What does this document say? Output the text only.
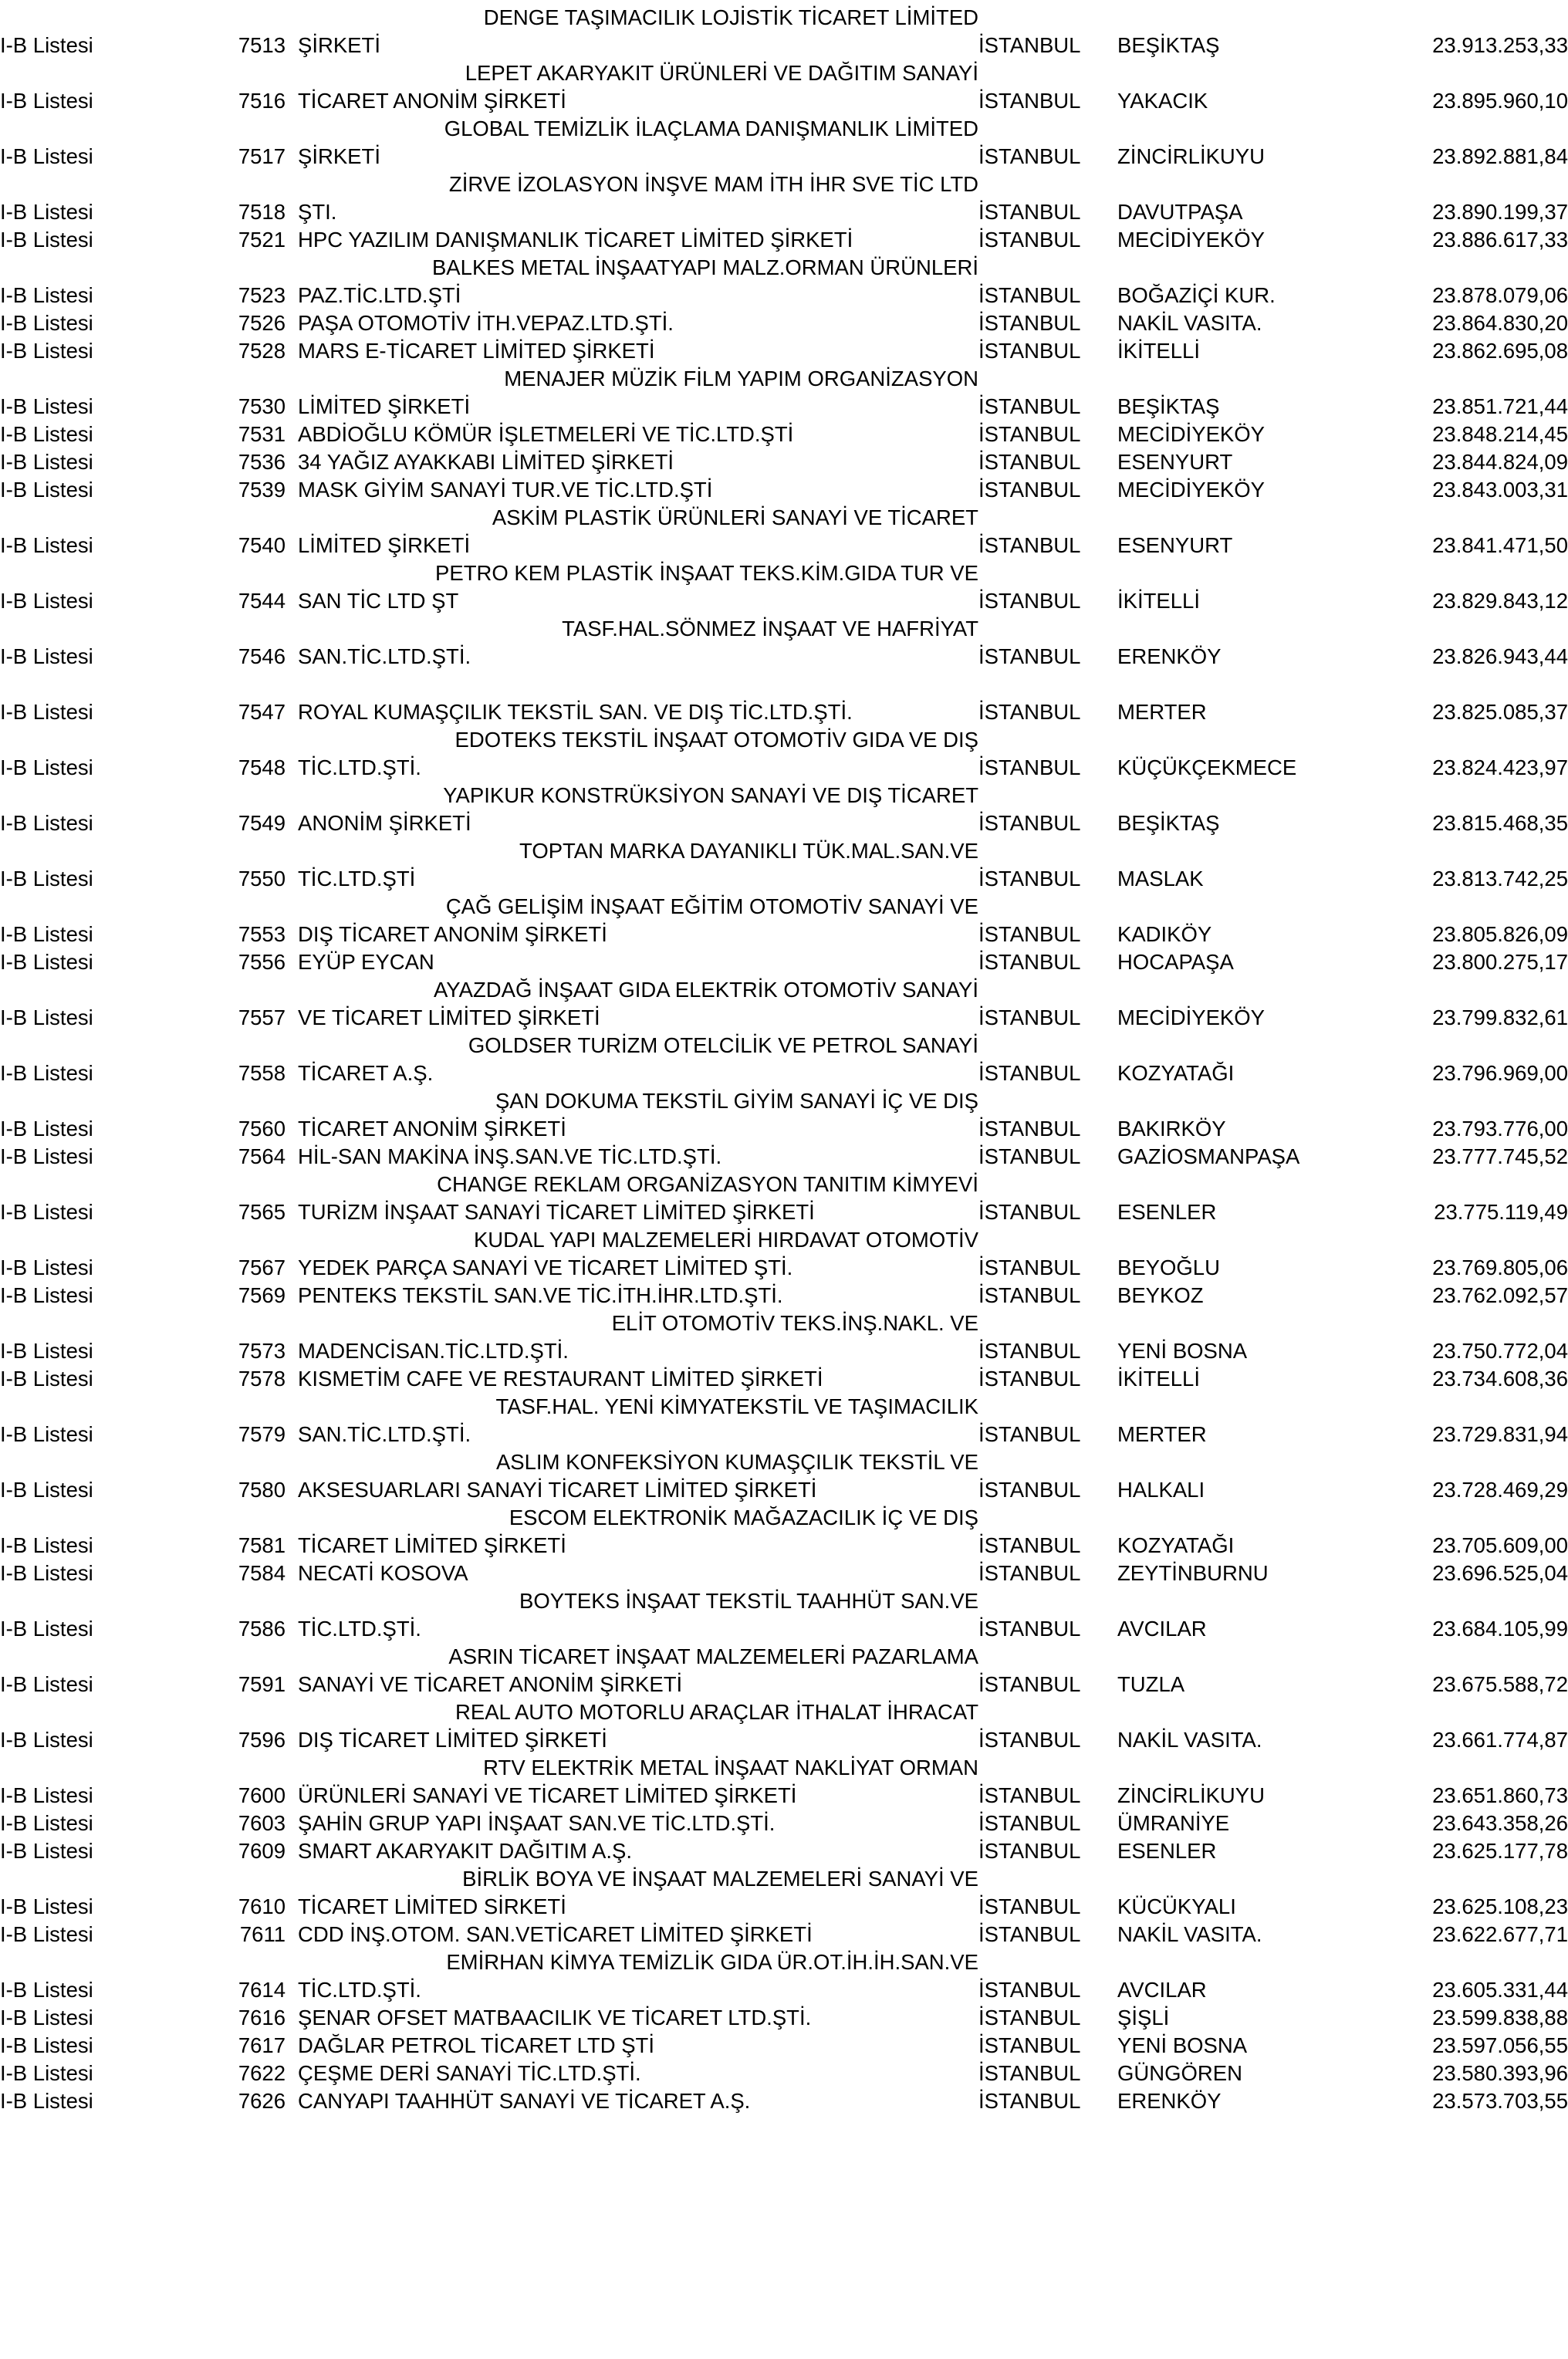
			DENGE TAŞIMACILIK LOJİSTİK TİCARET LİMİTED			
I-B Listesi	7513		ŞİRKETİ	İSTANBUL	BEŞİKTAŞ	23.913.253,33
			LEPET AKARYAKIT ÜRÜNLERİ VE DAĞITIM SANAYİ			
I-B Listesi	7516		TİCARET ANONİM ŞİRKETİ	İSTANBUL	YAKACIK	23.895.960,10
			GLOBAL TEMİZLİK İLAÇLAMA DANIŞMANLIK LİMİTED			
I-B Listesi	7517		ŞİRKETİ	İSTANBUL	ZİNCİRLİKUYU	23.892.881,84
			ZİRVE İZOLASYON İNŞVE MAM İTH İHR SVE TİC LTD			
I-B Listesi	7518		ŞTI.	İSTANBUL	DAVUTPAŞA	23.890.199,37
I-B Listesi	7521		HPC YAZILIM DANIŞMANLIK TİCARET LİMİTED ŞİRKETİ	İSTANBUL	MECİDİYEKÖY	23.886.617,33
			BALKES METAL İNŞAATYAPI MALZ.ORMAN ÜRÜNLERİ			
I-B Listesi	7523		PAZ.TİC.LTD.ŞTİ	İSTANBUL	BOĞAZİÇİ KUR.	23.878.079,06
I-B Listesi	7526		PAŞA OTOMOTİV İTH.VEPAZ.LTD.ŞTİ.	İSTANBUL	NAKİL VASITA.	23.864.830,20
I-B Listesi	7528		MARS E-TİCARET LİMİTED ŞİRKETİ	İSTANBUL	İKİTELLİ	23.862.695,08
			MENAJER MÜZİK FİLM YAPIM ORGANİZASYON			
I-B Listesi	7530		LİMİTED ŞİRKETİ	İSTANBUL	BEŞİKTAŞ	23.851.721,44
I-B Listesi	7531		ABDİOĞLU KÖMÜR İŞLETMELERİ VE TİC.LTD.ŞTİ	İSTANBUL	MECİDİYEKÖY	23.848.214,45
I-B Listesi	7536		34 YAĞIZ AYAKKABI LİMİTED ŞİRKETİ	İSTANBUL	ESENYURT	23.844.824,09
I-B Listesi	7539		MASK GİYİM SANAYİ TUR.VE TİC.LTD.ŞTİ	İSTANBUL	MECİDİYEKÖY	23.843.003,31
			ASKİM PLASTİK ÜRÜNLERİ SANAYİ VE TİCARET			
I-B Listesi	7540		LİMİTED ŞİRKETİ	İSTANBUL	ESENYURT	23.841.471,50
			PETRO KEM PLASTİK İNŞAAT TEKS.KİM.GIDA TUR VE			
I-B Listesi	7544		SAN TİC LTD ŞT	İSTANBUL	İKİTELLİ	23.829.843,12
			TASF.HAL.SÖNMEZ İNŞAAT VE HAFRİYAT			
I-B Listesi	7546		SAN.TİC.LTD.ŞTİ.	İSTANBUL	ERENKÖY	23.826.943,44

I-B Listesi	7547		ROYAL KUMAŞÇILIK TEKSTİL SAN. VE DIŞ TİC.LTD.ŞTİ.	İSTANBUL	MERTER	23.825.085,37
			EDOTEKS TEKSTİL İNŞAAT OTOMOTİV GIDA VE DIŞ			
I-B Listesi	7548		TİC.LTD.ŞTİ.	İSTANBUL	KÜÇÜKÇEKMECE	23.824.423,97
			YAPIKUR KONSTRÜKSİYON SANAYİ VE DIŞ TİCARET			
I-B Listesi	7549		ANONİM ŞİRKETİ	İSTANBUL	BEŞİKTAŞ	23.815.468,35
			TOPTAN MARKA DAYANIKLI TÜK.MAL.SAN.VE			
I-B Listesi	7550		TİC.LTD.ŞTİ	İSTANBUL	MASLAK	23.813.742,25
			ÇAĞ GELİŞİM İNŞAAT EĞİTİM OTOMOTİV SANAYİ VE			
I-B Listesi	7553		DIŞ TİCARET ANONİM ŞİRKETİ	İSTANBUL	KADIKÖY	23.805.826,09
I-B Listesi	7556		EYÜP EYCAN	İSTANBUL	HOCAPAŞA	23.800.275,17
			AYAZDAĞ İNŞAAT GIDA ELEKTRİK OTOMOTİV SANAYİ			
I-B Listesi	7557		VE TİCARET LİMİTED ŞİRKETİ	İSTANBUL	MECİDİYEKÖY	23.799.832,61
			GOLDSER TURİZM OTELCİLİK VE PETROL SANAYİ			
I-B Listesi	7558		TİCARET A.Ş.	İSTANBUL	KOZYATAĞI	23.796.969,00
			ŞAN DOKUMA TEKSTİL GİYİM SANAYİ İÇ VE DIŞ			
I-B Listesi	7560		TİCARET ANONİM ŞİRKETİ	İSTANBUL	BAKIRKÖY	23.793.776,00
I-B Listesi	7564		HİL-SAN MAKİNA İNŞ.SAN.VE TİC.LTD.ŞTİ.	İSTANBUL	GAZİOSMANPAŞA	23.777.745,52
			CHANGE REKLAM ORGANİZASYON TANITIM KİMYEVİ			
I-B Listesi	7565		TURİZM İNŞAAT SANAYİ TİCARET LİMİTED ŞİRKETİ	İSTANBUL	ESENLER	23.775.119,49
			KUDAL YAPI MALZEMELERİ HIRDAVAT OTOMOTİV			
I-B Listesi	7567		YEDEK PARÇA SANAYİ VE TİCARET LİMİTED ŞTİ.	İSTANBUL	BEYOĞLU	23.769.805,06
I-B Listesi	7569		PENTEKS TEKSTİL SAN.VE TİC.İTH.İHR.LTD.ŞTİ.	İSTANBUL	BEYKOZ	23.762.092,57
			ELİT OTOMOTİV TEKS.İNŞ.NAKL. VE			
I-B Listesi	7573		MADENCİSAN.TİC.LTD.ŞTİ.	İSTANBUL	YENİ BOSNA	23.750.772,04
I-B Listesi	7578		KISMETİM CAFE VE RESTAURANT LİMİTED ŞİRKETİ	İSTANBUL	İKİTELLİ	23.734.608,36
			TASF.HAL. YENİ KİMYATEKSTİL VE TAŞIMACILIK			
I-B Listesi	7579		SAN.TİC.LTD.ŞTİ.	İSTANBUL	MERTER	23.729.831,94
			ASLIM KONFEKSİYON KUMAŞÇILIK TEKSTİL VE			
I-B Listesi	7580		AKSESUARLARI SANAYİ TİCARET LİMİTED ŞİRKETİ	İSTANBUL	HALKALI	23.728.469,29
			ESCOM ELEKTRONİK MAĞAZACILIK İÇ VE DIŞ			
I-B Listesi	7581		TİCARET LİMİTED ŞİRKETİ	İSTANBUL	KOZYATAĞI	23.705.609,00
I-B Listesi	7584		NECATİ KOSOVA	İSTANBUL	ZEYTİNBURNU	23.696.525,04
			BOYTEKS İNŞAAT TEKSTİL TAAHHÜT SAN.VE			
I-B Listesi	7586		TİC.LTD.ŞTİ.	İSTANBUL	AVCILAR	23.684.105,99
			ASRIN TİCARET İNŞAAT MALZEMELERİ PAZARLAMA			
I-B Listesi	7591		SANAYİ VE TİCARET ANONİM ŞİRKETİ	İSTANBUL	TUZLA	23.675.588,72
			REAL AUTO MOTORLU ARAÇLAR İTHALAT İHRACAT			
I-B Listesi	7596		DIŞ TİCARET LİMİTED ŞİRKETİ	İSTANBUL	NAKİL VASITA.	23.661.774,87
			RTV ELEKTRİK METAL İNŞAAT NAKLİYAT ORMAN			
I-B Listesi	7600		ÜRÜNLERİ SANAYİ VE TİCARET LİMİTED ŞİRKETİ	İSTANBUL	ZİNCİRLİKUYU	23.651.860,73
I-B Listesi	7603		ŞAHİN GRUP YAPI İNŞAAT SAN.VE TİC.LTD.ŞTİ.	İSTANBUL	ÜMRANİYE	23.643.358,26
I-B Listesi	7609		SMART AKARYAKIT DAĞITIM A.Ş.	İSTANBUL	ESENLER	23.625.177,78
			BİRLİK BOYA VE İNŞAAT MALZEMELERİ SANAYİ VE			
I-B Listesi	7610		TİCARET LİMİTED SİRKETİ	İSTANBUL	KÜCÜKYALI	23.625.108,23
I-B Listesi	7611		CDD İNŞ.OTOM. SAN.VETİCARET LİMİTED ŞİRKETİ	İSTANBUL	NAKİL VASITA.	23.622.677,71
			EMİRHAN KİMYA TEMİZLİK GIDA ÜR.OT.İH.İH.SAN.VE			
I-B Listesi	7614		TİC.LTD.ŞTİ.	İSTANBUL	AVCILAR	23.605.331,44
I-B Listesi	7616		ŞENAR OFSET MATBAACILIK VE TİCARET LTD.ŞTİ.	İSTANBUL	ŞİŞLİ	23.599.838,88
I-B Listesi	7617		DAĞLAR PETROL TİCARET LTD ŞTİ	İSTANBUL	YENİ BOSNA	23.597.056,55
I-B Listesi	7622		ÇEŞME DERİ SANAYİ TİC.LTD.ŞTİ.	İSTANBUL	GÜNGÖREN	23.580.393,96
I-B Listesi	7626		CANYAPI TAAHHÜT SANAYİ VE TİCARET A.Ş.	İSTANBUL	ERENKÖY	23.573.703,55
